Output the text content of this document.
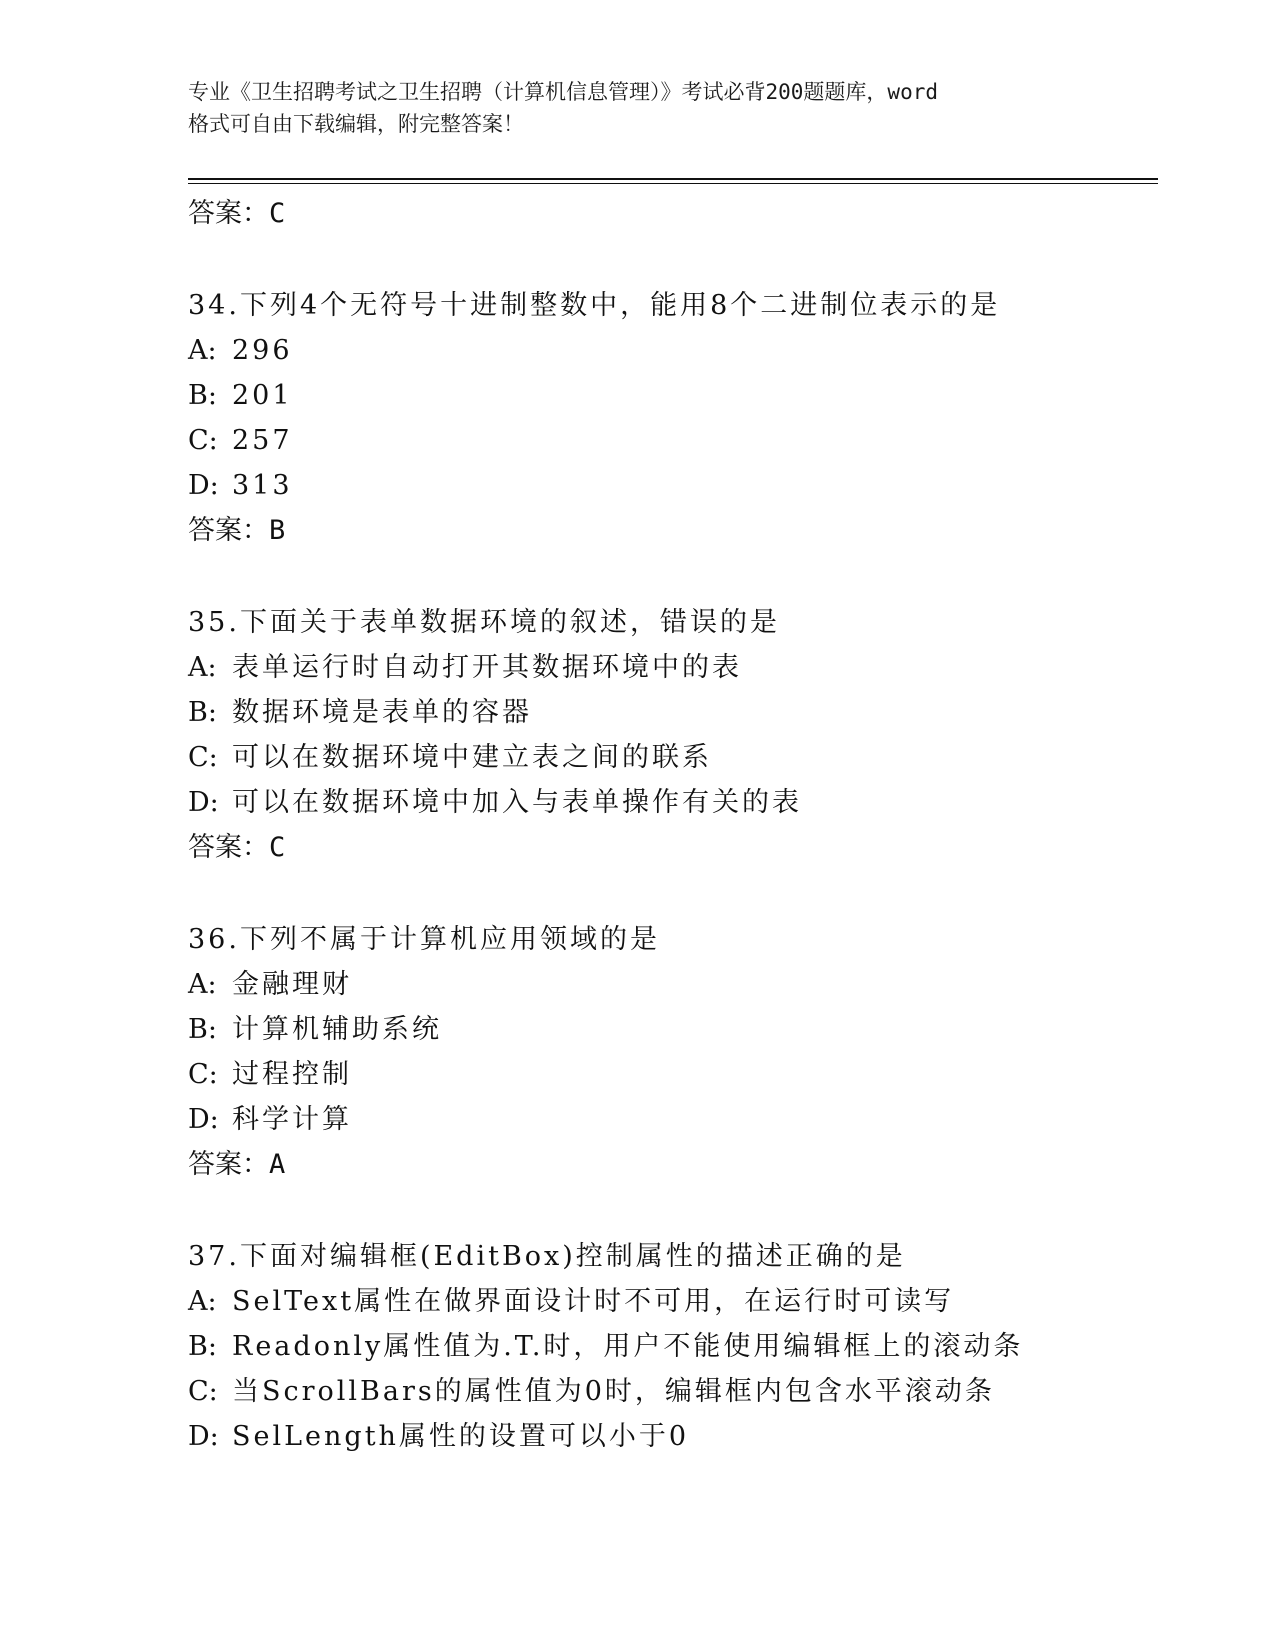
专业《卫生招聘考试之卫生招聘（计算机信息管理）》考试必背200题题库，word
格式可自由下载编辑，附完整答案！
答案：C
34.下列4个无符号十进制整数中，能用8个二进制位表示的是
A: 296
B: 201
C: 257
D: 313
答案：B
35.下面关于表单数据环境的叙述，错误的是
A: 表单运行时自动打开其数据环境中的表
B: 数据环境是表单的容器
C: 可以在数据环境中建立表之间的联系
D: 可以在数据环境中加入与表单操作有关的表
答案：C
36.下列不属于计算机应用领域的是
A: 金融理财
B: 计算机辅助系统
C: 过程控制
D: 科学计算
答案：A
37.下面对编辑框(EditBox)控制属性的描述正确的是
A: SelText属性在做界面设计时不可用，在运行时可读写
B: Readonly属性值为.T.时，用户不能使用编辑框上的滚动条
C: 当ScrollBars的属性值为0时，编辑框内包含水平滚动条
D: SelLength属性的设置可以小于0
